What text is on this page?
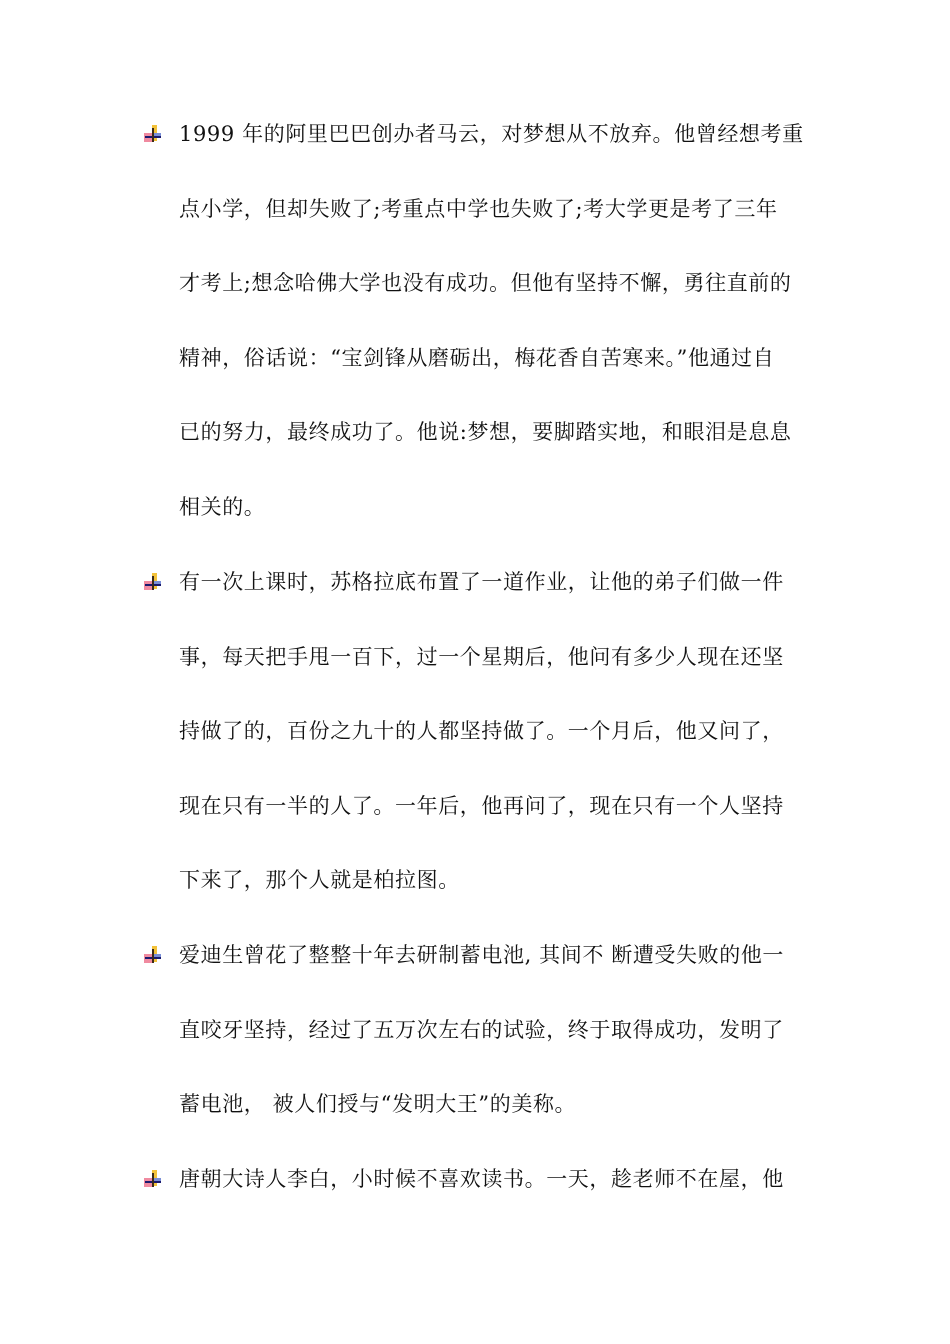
1999 年的阿里巴巴创办者马云，对梦想从不放弃。他曾经想考重
点小学，但却失败了;考重点中学也失败了;考大学更是考了三年
才考上;想念哈佛大学也没有成功。但他有坚持不懈，勇往直前的
精神，俗话说：“宝剑锋从磨砺出，梅花香自苦寒来。”他通过自
已的努力，最终成功了。他说:梦想，要脚踏实地，和眼泪是息息
相关的。
有一次上课时，苏格拉底布置了一道作业，让他的弟子们做一件
事，每天把手甩一百下，过一个星期后，他问有多少人现在还坚
持做了的，百份之九十的人都坚持做了。一个月后，他又问了，
现在只有一半的人了。一年后，他再问了，现在只有一个人坚持
下来了，那个人就是柏拉图。
爱迪生曾花了整整十年去研制蓄电池, 其间不 断遭受失败的他一
直咬牙坚持，经过了五万次左右的试验，终于取得成功，发明了
蓄电池， 被人们授与“发明大王”的美称。
唐朝大诗人李白，小时候不喜欢读书。一天，趁老师不在屋，他
